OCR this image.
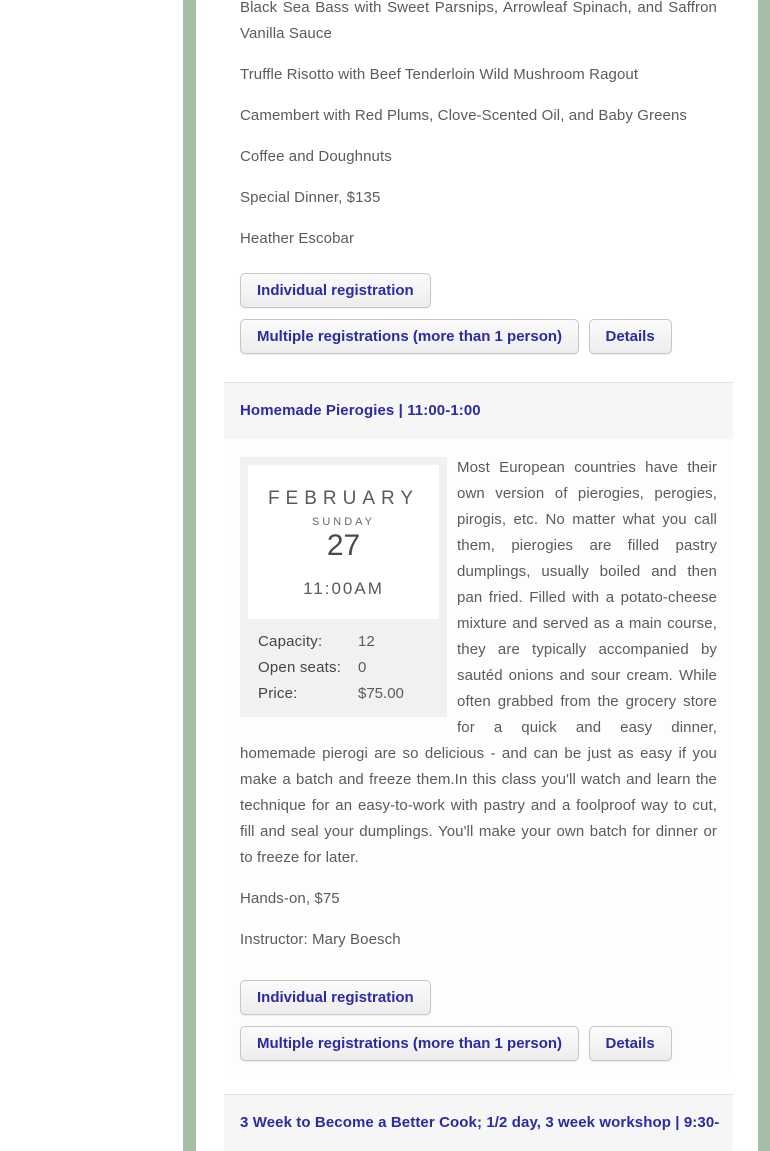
Black Sea Bass with Sweet Parsnips, Arrowleaf Spinach, and Saffron Vanilla Sauce

Truffle Risotto with Beef Tenderloin Wild Mushroom Ragout

Camembert with Red Plums, Clove-Scented Oil, and Baby Greens

Coffee and Doughnuts

Special Dinner, $135

Heather Escobar

Individual registration
Multiple registrations (more than 1 person)	Details
Homemade Pierogies | 11:00-1:00
FEBRUARY
SUNDAY
27
11:00AM
Capacity: 12
Open seats: 0
Price:	$75.00

Most European countries have their own version of pierogies, perogies, pirogis, etc. No matter what you call them, pierogies are filled pastry dumplings, usually boiled and then pan fried. Filled with a potato-cheese mixture and served as a main course, they are typically accompanied by sautéd onions and sour cream. While often grabbed from the grocery store for a quick and easy dinner, homemade pierogi are so delicious - and can be just as easy if you make a batch and freeze them.In this class you'll watch and learn the technique for an easy-to-work with pastry and a foolproof way to cut, fill and seal your dumplings. You'll make your own batch for dinner or to freeze for later.

Hands-on, $75

Instructor: Mary Boesch

Individual registration
Multiple registrations (more than 1 person)	Details
3 Week to Become a Better Cook; 1/2 day, 3 week workshop | 9:30-
